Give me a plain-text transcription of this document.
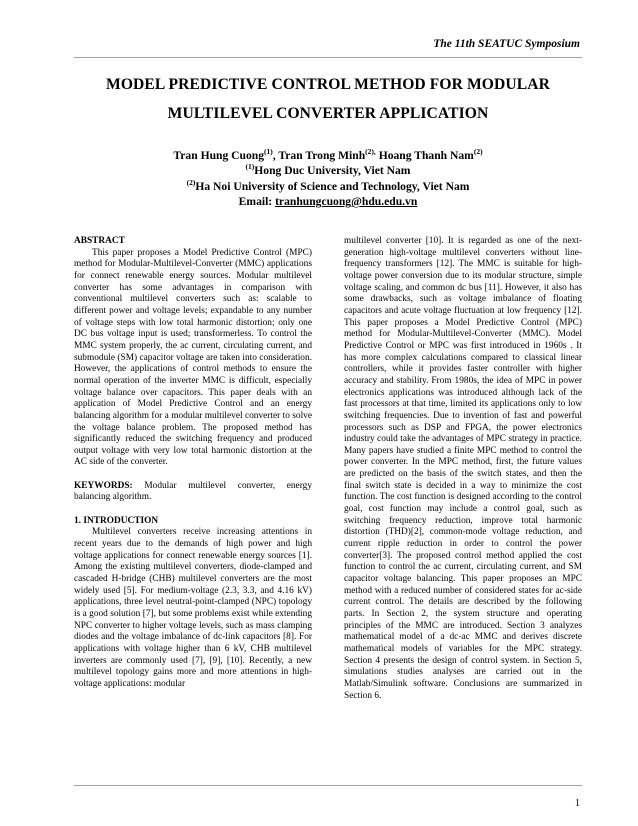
The 11th SEATUC Symposium
MODEL PREDICTIVE CONTROL METHOD FOR MODULAR
MULTILEVEL CONVERTER APPLICATION
Tran Hung Cuong$^{(1)}$, Tran Trong Minh$^{(2),}$ Hoang Thanh Nam$^{(2)}$
$^{(1)}$Hong Duc University, Viet Nam
$^{(2)}$Ha Noi University of Science and Technology, Viet Nam
Email: tranhungcuong@hdu.edu.vn

ABSTRACT

This paper proposes a Model Predictive Control (MPC) method for Modular-Multilevel-Converter (MMC) applications for connect renewable energy sources. Modular multilevel converter has some advantages in comparison with conventional multilevel converters such as: scalable to different power and voltage levels; expandable to any number of voltage steps with low total harmonic distortion; only one DC bus voltage input is used; transformerless. To control the MMC system properly, the ac current, circulating current, and submodule (SM) capacitor voltage are taken into consideration. However, the applications of control methods to ensure the normal operation of the inverter MMC is difficult, especially voltage balance over capacitors. This paper deals with an application of Model Predictive Control and an energy balancing algorithm for a modular multilevel converter to solve the voltage balance problem. The proposed method has significantly reduced the switching frequency and produced output voltage with very low total harmonic distortion at the AC side of the converter.

KEYWORDS: Modular multilevel converter, energy balancing algorithm.

1. INTRODUCTION

Multilevel converters receive increasing attentions in recent years due to the demands of high power and high voltage applications for connect renewable energy sources [1]. Among the existing multilevel converters, diode-clamped and cascaded H-bridge (CHB) multilevel converters are the most widely used [5]. For medium-voltage (2.3, 3.3, and 4.16 kV) applications, three level neutral-point-clamped (NPC) topology is a good solution [7], but some problems exist while extending NPC converter to higher voltage levels, such as mass clamping diodes and the voltage imbalance of dc-link capacitors [8]. For applications with voltage higher than 6 kV, CHB multilevel inverters are commonly used [7], [9], [10]. Recently, a new multilevel topology gains more and more attentions in high-voltage applications: modular

multilevel converter [10]. It is regarded as one of the next-generation high-voltage multilevel converters without line-frequency transformers [12]. The MMC is suitable for high-voltage power conversion due to its modular structure, simple voltage scaling, and common dc bus [11]. However, it also has some drawbacks, such as voltage imbalance of floating capacitors and acute voltage fluctuation at low frequency [12]. This paper proposes a Model Predictive Control (MPC) method for Modular-Multilevel-Converter (MMC). Model Predictive Control or MPC was first introduced in 1960s . It has more complex calculations compared to classical linear controllers, while it provides faster controller with higher accuracy and stability. From 1980s, the idea of MPC in power electronics applications was introduced although lack of the fast processors at that time, limited its applications only to low switching frequencies. Due to invention of fast and powerful processors such as DSP and FPGA, the power electronics industry could take the advantages of MPC strategy in practice. Many papers have studied a finite MPC method to control the power converter. In the MPC method, first, the future values are predicted on the basis of the switch states, and then the final switch state is decided in a way to minimize the cost function. The cost function is designed according to the control goal, cost function may include a control goal, such as switching frequency reduction, improve total harmonic distortion (THD)[2], common-mode voltage reduction, and current ripple reduction in order to control the power converter[3]. The proposed control method applied the cost function to control the ac current, circulating current, and SM capacitor voltage balancing. This paper proposes an MPC method with a reduced number of considered states for ac-side current control. The details are described by the following parts. In Section 2, the system structure and operating principles of the MMC are introduced. Section 3 analyzes mathematical model of a dc-ac MMC and derives discrete mathematical models of variables for the MPC strategy. Section 4 presents the design of control system. in Section 5, simulations studies analyses are carried out in the Matlab/Simulink software. Conclusions are summarized in Section 6.

1
